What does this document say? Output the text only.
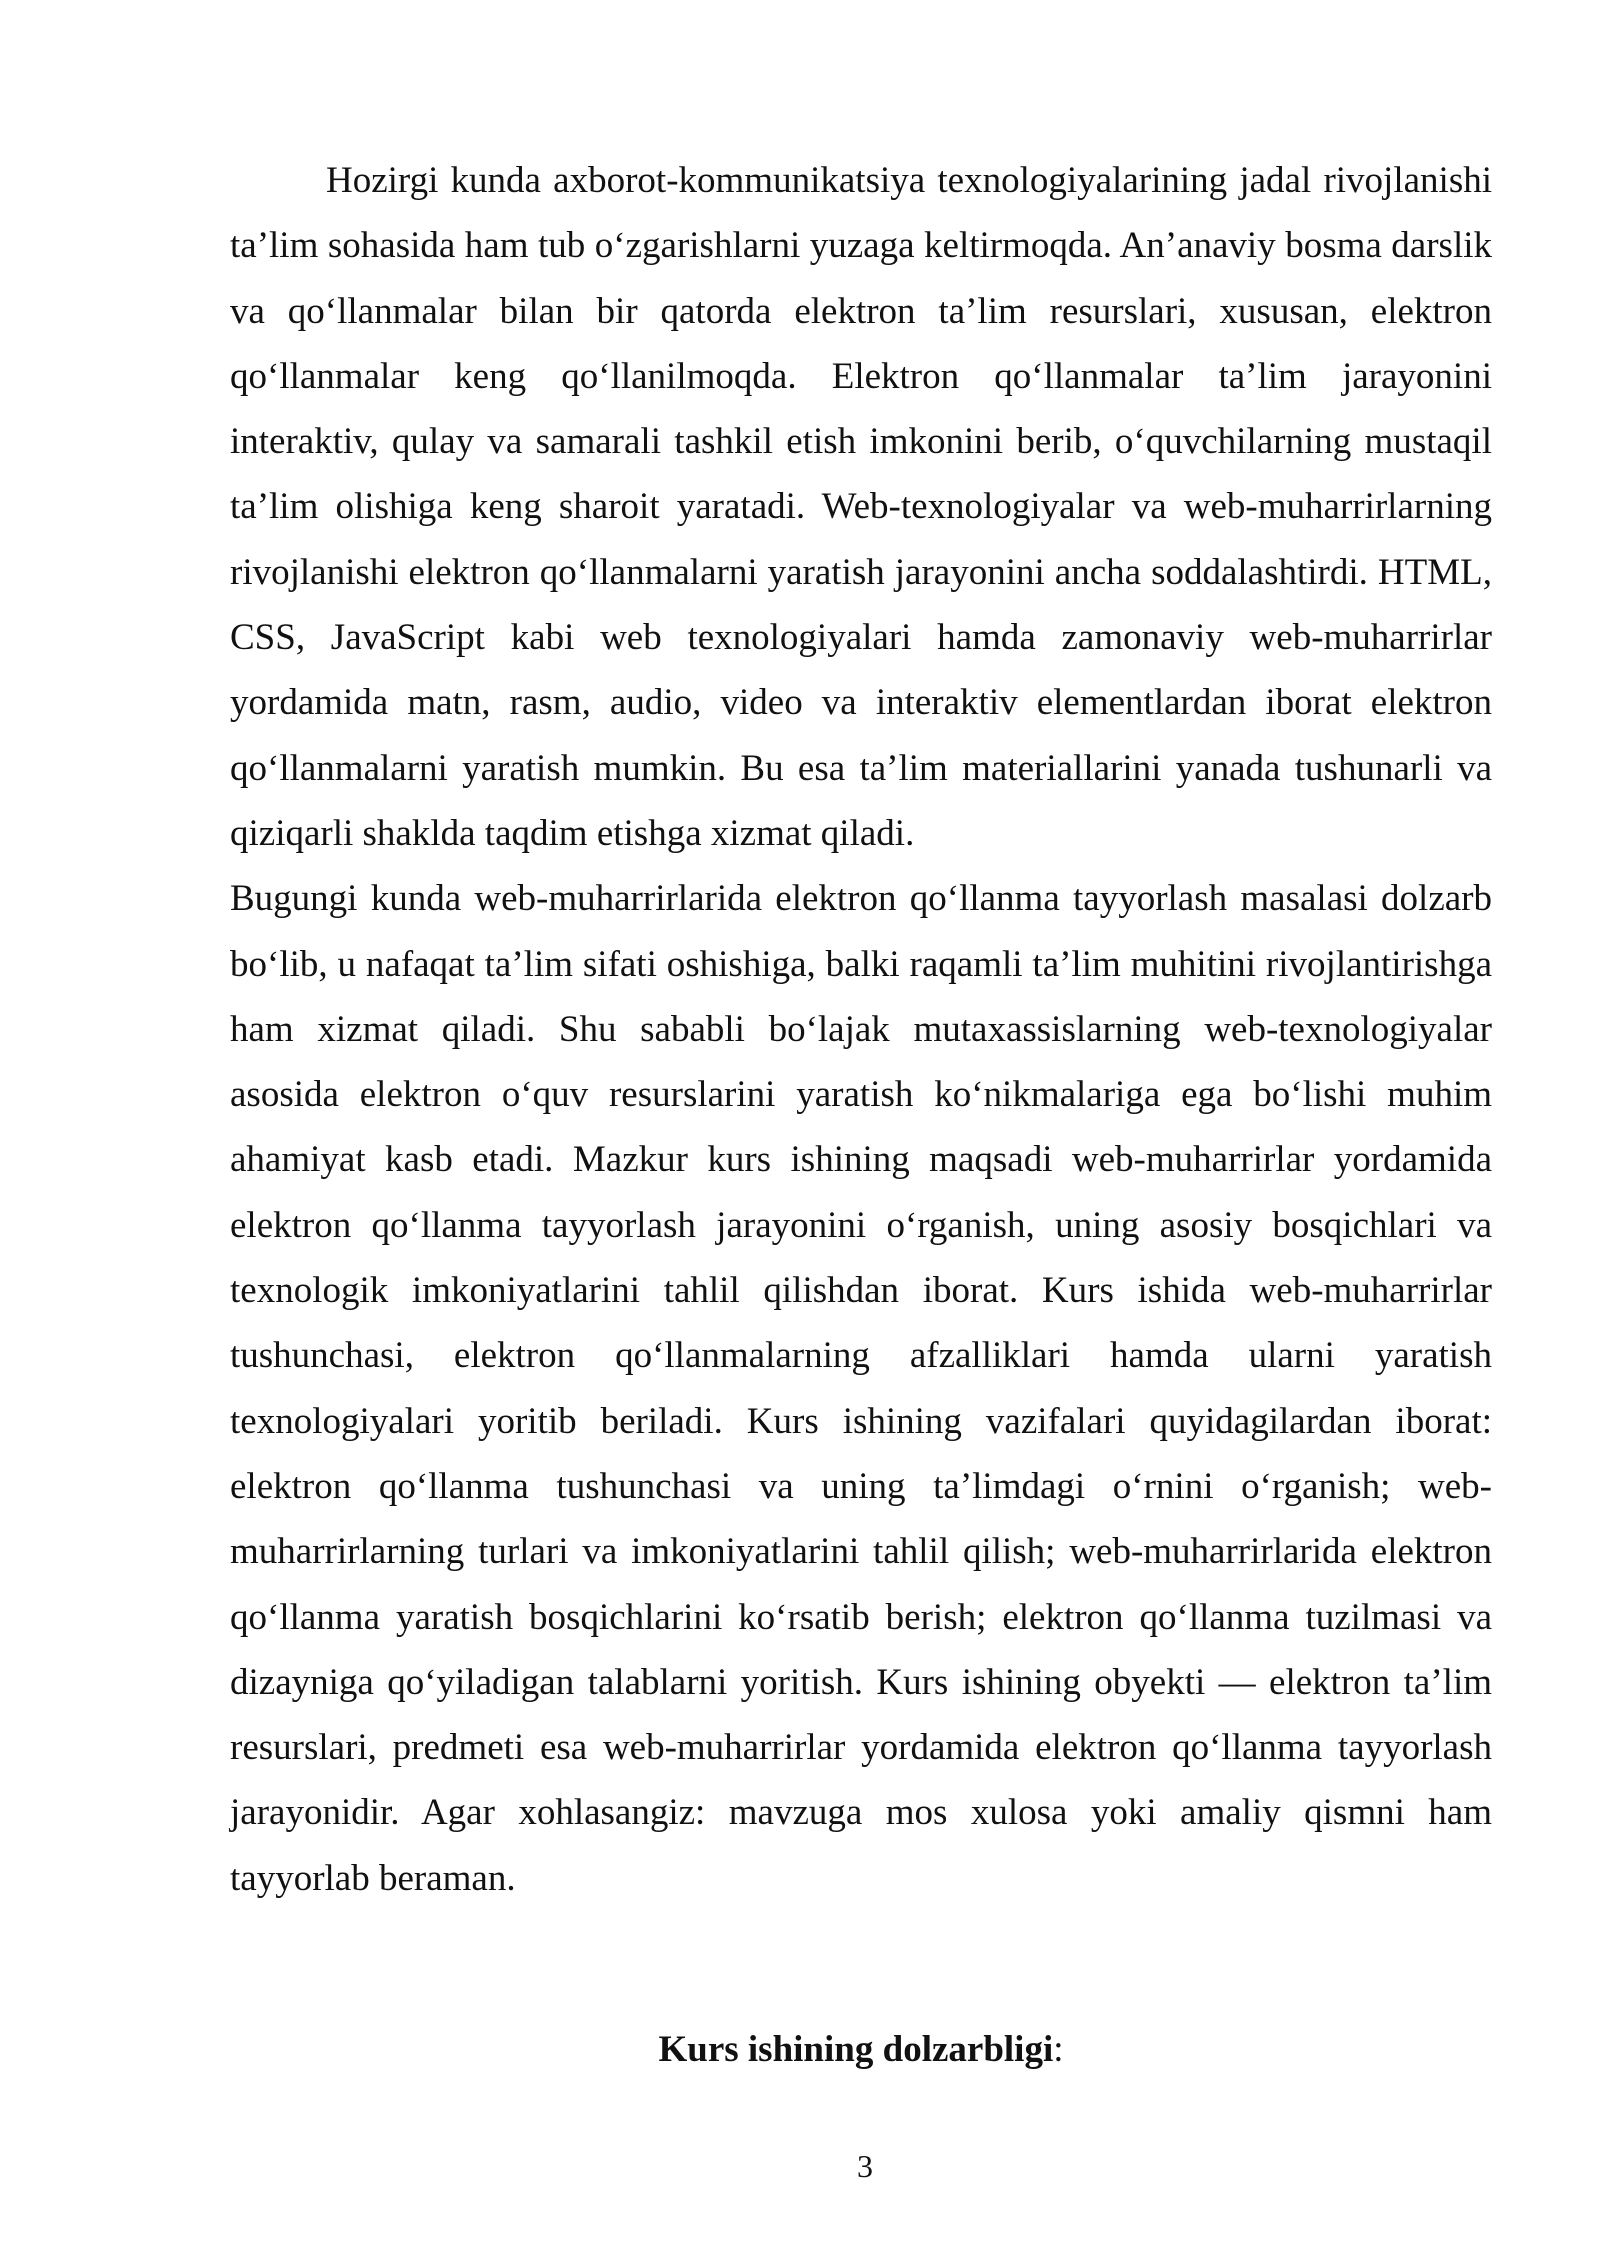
Hozirgi kunda axborot-kommunikatsiya texnologiyalarining jadal rivojlanishi ta’lim sohasida ham tub o‘zgarishlarni yuzaga keltirmoqda. An’anaviy bosma darslik va qo‘llanmalar bilan bir qatorda elektron ta’lim resurslari, xususan, elektron qo‘llanmalar keng qo‘llanilmoqda. Elektron qo‘llanmalar ta’lim jarayonini interaktiv, qulay va samarali tashkil etish imkonini berib, o‘quvchilarning mustaqil ta’lim olishiga keng sharoit yaratadi. Web-texnologiyalar va web-muharrirlarning rivojlanishi elektron qo‘llanmalarni yaratish jarayonini ancha soddalashtirdi. HTML, CSS, JavaScript kabi web texnologiyalari hamda zamonaviy web-muharrirlar yordamida matn, rasm, audio, video va interaktiv elementlardan iborat elektron qo‘llanmalarni yaratish mumkin. Bu esa ta’lim materiallarini yanada tushunarli va qiziqarli shaklda taqdim etishga xizmat qiladi.
Bugungi kunda web-muharrirlarida elektron qo‘llanma tayyorlash masalasi dolzarb bo‘lib, u nafaqat ta’lim sifati oshishiga, balki raqamli ta’lim muhitini rivojlantirishga ham xizmat qiladi. Shu sababli bo‘lajak mutaxassislarning web-texnologiyalar asosida elektron o‘quv resurslarini yaratish ko‘nikmalariga ega bo‘lishi muhim ahamiyat kasb etadi. Mazkur kurs ishining maqsadi web-muharrirlar yordamida elektron qo‘llanma tayyorlash jarayonini o‘rganish, uning asosiy bosqichlari va texnologik imkoniyatlarini tahlil qilishdan iborat. Kurs ishida web-muharrirlar tushunchasi, elektron qo‘llanmalarning afzalliklari hamda ularni yaratish texnologiyalari yoritib beriladi. Kurs ishining vazifalari quyidagilardan iborat: elektron qo‘llanma tushunchasi va uning ta’limdagi o‘rnini o‘rganish; web-muharrirlarning turlari va imkoniyatlarini tahlil qilish; web-muharrirlarida elektron qo‘llanma yaratish bosqichlarini ko‘rsatib berish; elektron qo‘llanma tuzilmasi va dizayniga qo‘yiladigan talablarni yoritish. Kurs ishining obyekti — elektron ta’lim resurslari, predmeti esa web-muharrirlar yordamida elektron qo‘llanma tayyorlash jarayonidir. Agar xohlasangiz: mavzuga mos xulosa yoki amaliy qismni ham tayyorlab beraman.

Kurs ishining dolzarbligi:
3
